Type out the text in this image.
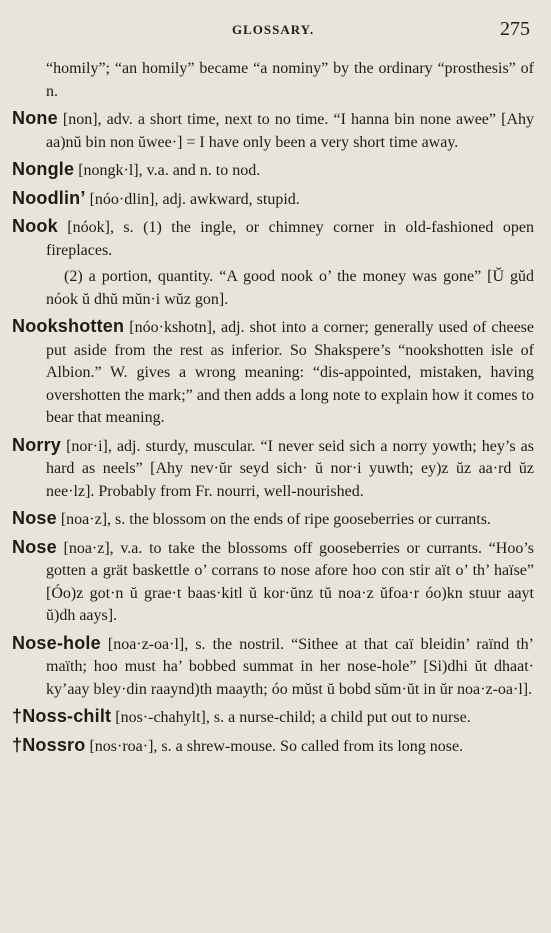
GLOSSARY.	275
“homily”; “an homily” became “a nominy” by the ordinary “prosthesis” of n.
None [non], adv. a short time, next to no time. “I hanna bin none awee” [Ahy aa)nŭ bin non ŭwee·] = I have only been a very short time away.
Nongle [nongk·l], v.a. and n. to nod.
Noodlin’ [nóo·dlin], adj. awkward, stupid.
Nook [nóok], s. (1) the ingle, or chimney corner in old-fashioned open fireplaces.
(2) a portion, quantity. “A good nook o’ the money was gone” [Ŭ gŭd nóok ŭ dhŭ mŭn·i wŭz gon].
Nookshotten [nóo·kshotn], adj. shot into a corner; generally used of cheese put aside from the rest as inferior. So Shakspere’s “nookshotten isle of Albion.” W. gives a wrong meaning: “dis-appointed, mistaken, having overshotten the mark;” and then adds a long note to explain how it comes to bear that meaning.
Norry [nor·i], adj. sturdy, muscular. “I never seid sich a norry yowth; hey’s as hard as neels” [Ahy nev·ŭr seyd sich· ŭ nor·i yuwth; ey)z ŭz aa·rd ŭz nee·lz]. Probably from Fr. nourri, well-nourished.
Nose [noa·z], s. the blossom on the ends of ripe gooseberries or currants.
Nose [noa·z], v.a. to take the blossoms off gooseberries or currants. “Hoo’s gotten a grät baskettle o’ corrans to nose afore hoo con stir aït o’ th’ haïse” [Óo)z got·n ŭ grae·t baas·kitl ŭ kor·ŭnz tŭ noa·z ŭfoa·r óo)kn stuur aayt ŭ)dh aays].
Nose-hole [noa·z-oa·l], s. the nostril. “Sithee at that caï bleidin’ raïnd th’ maïth; hoo must ha’ bobbed summat in her nose-hole” [Si)dhi ŭt dhaat· ky’aay bley·din raaynd)th maayth; óo mŭst ŭ bobd sŭm·ŭt in ŭr noa·z-oa·l].
†Noss-chilt [nos·-chahylt], s. a nurse-child; a child put out to nurse.
†Nossro [nos·roa·], s. a shrew-mouse. So called from its long nose.
